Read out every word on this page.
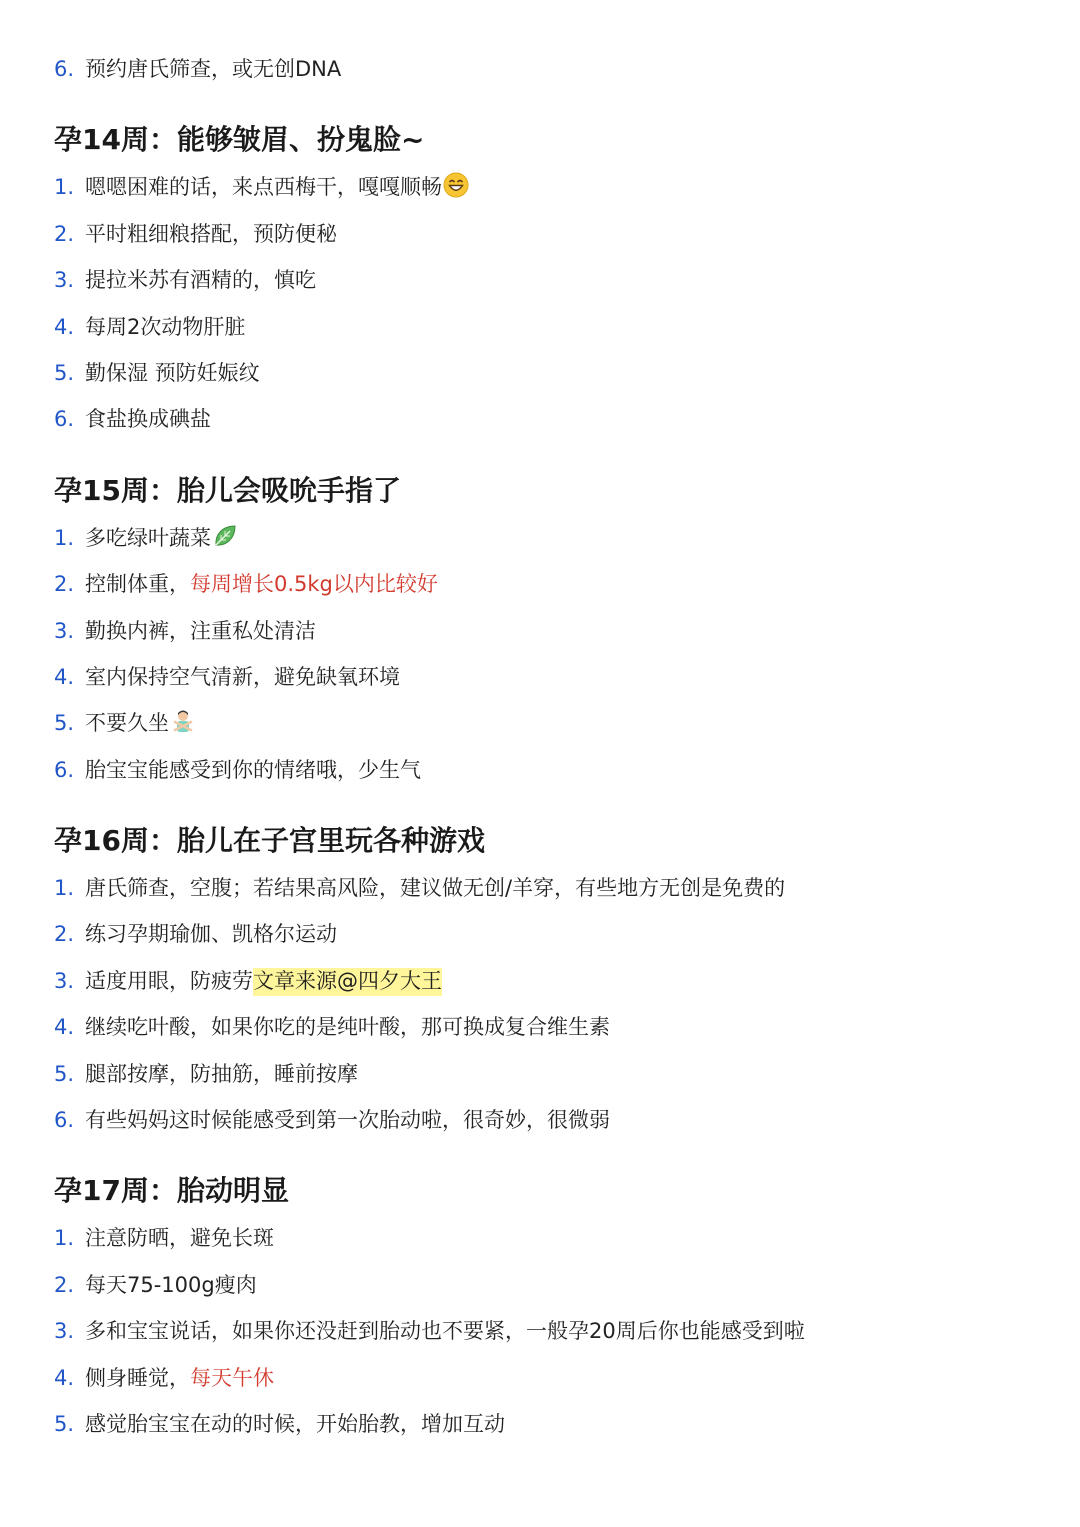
6. 预约唐氏筛查，或无创DNA
孕14周：能够皱眉、扮鬼脸~
1. 嗯嗯困难的话，来点西梅干，嘎嘎顺畅
2. 平时粗细粮搭配，预防便秘
3. 提拉米苏有酒精的，慎吃
4. 每周2次动物肝脏
5. 勤保湿 预防妊娠纹
6. 食盐换成碘盐
孕15周：胎儿会吸吮手指了
1. 多吃绿叶蔬菜
2. 控制体重，每周增长0.5kg以内比较好
3. 勤换内裤，注重私处清洁
4. 室内保持空气清新，避免缺氧环境
5. 不要久坐
6. 胎宝宝能感受到你的情绪哦，少生气
孕16周：胎儿在子宫里玩各种游戏
1. 唐氏筛查，空腹；若结果高风险，建议做无创/羊穿，有些地方无创是免费的
2. 练习孕期瑜伽、凯格尔运动
3. 适度用眼，防疲劳文章来源@四夕大王
4. 继续吃叶酸，如果你吃的是纯叶酸，那可换成复合维生素
5. 腿部按摩，防抽筋，睡前按摩
6. 有些妈妈这时候能感受到第一次胎动啦，很奇妙，很微弱
孕17周：胎动明显
1. 注意防晒，避免长斑
2. 每天75-100g瘦肉
3. 多和宝宝说话，如果你还没赶到胎动也不要紧，一般孕20周后你也能感受到啦
4. 侧身睡觉，每天午休
5. 感觉胎宝宝在动的时候，开始胎教，增加互动
